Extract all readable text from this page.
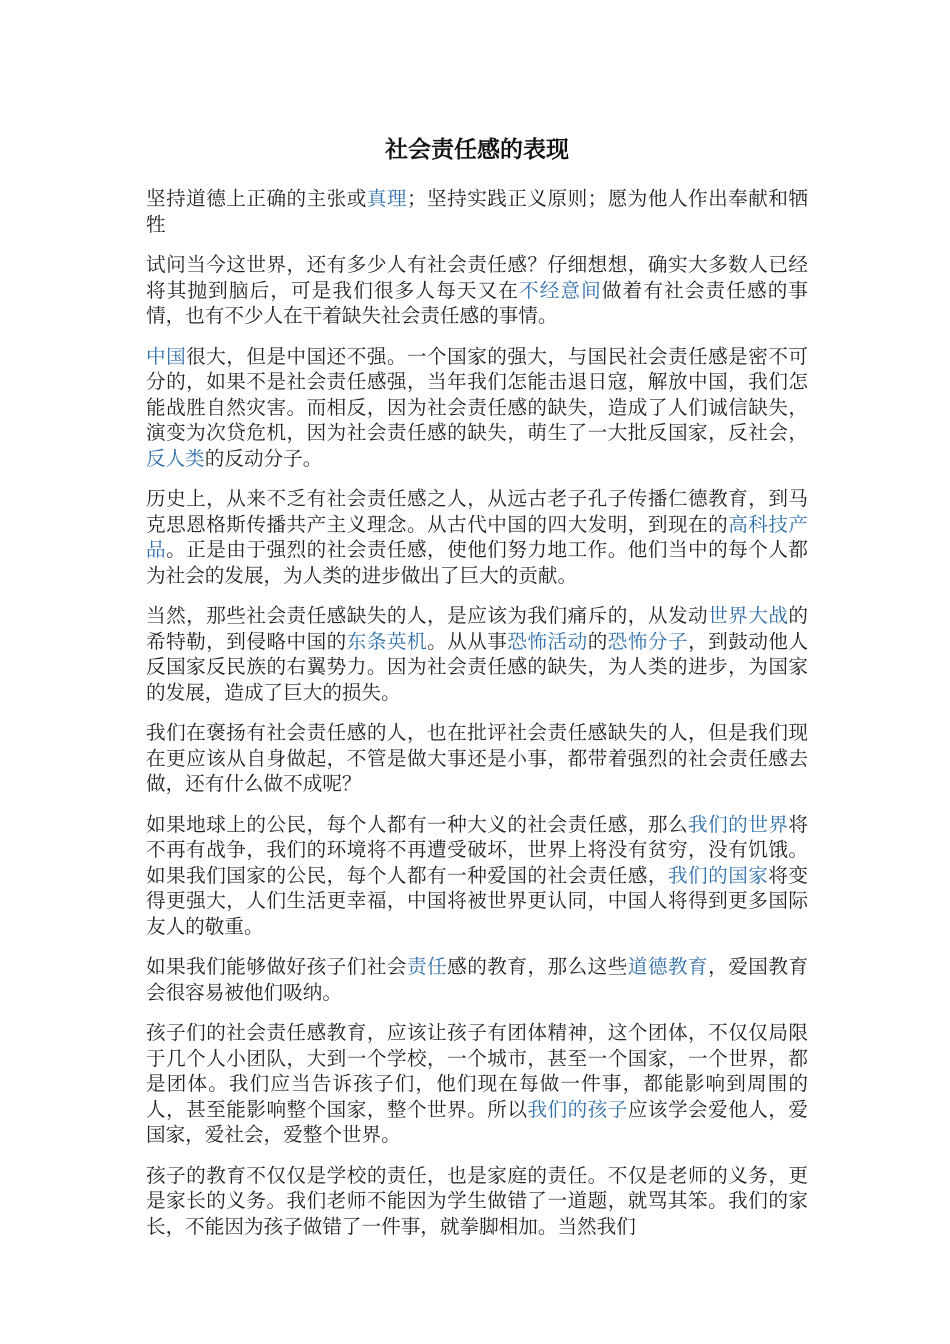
社会责任感的表现

坚持道德上正确的主张或真理；坚持实践正义原则；愿为他人作出奉献和牺牲

试问当今这世界，还有多少人有社会责任感？仔细想想，确实大多数人已经将其抛到脑后，可是我们很多人每天又在不经意间做着有社会责任感的事情，也有不少人在干着缺失社会责任感的事情。

中国很大，但是中国还不强。一个国家的强大，与国民社会责任感是密不可分的，如果不是社会责任感强，当年我们怎能击退日寇，解放中国，我们怎能战胜自然灾害。而相反，因为社会责任感的缺失，造成了人们诚信缺失，演变为次贷危机，因为社会责任感的缺失，萌生了一大批反国家，反社会，反人类的反动分子。

历史上，从来不乏有社会责任感之人，从远古老子孔子传播仁德教育，到马克思恩格斯传播共产主义理念。从古代中国的四大发明，到现在的高科技产品。正是由于强烈的社会责任感，使他们努力地工作。他们当中的每个人都为社会的发展，为人类的进步做出了巨大的贡献。

当然，那些社会责任感缺失的人，是应该为我们痛斥的，从发动世界大战的希特勒，到侵略中国的东条英机。从从事恐怖活动的恐怖分子，到鼓动他人反国家反民族的右翼势力。因为社会责任感的缺失，为人类的进步，为国家的发展，造成了巨大的损失。

我们在褒扬有社会责任感的人，也在批评社会责任感缺失的人，但是我们现在更应该从自身做起，不管是做大事还是小事，都带着强烈的社会责任感去做，还有什么做不成呢？

如果地球上的公民，每个人都有一种大义的社会责任感，那么我们的世界将不再有战争，我们的环境将不再遭受破坏，世界上将没有贫穷，没有饥饿。如果我们国家的公民，每个人都有一种爱国的社会责任感，我们的国家将变得更强大，人们生活更幸福，中国将被世界更认同，中国人将得到更多国际友人的敬重。

如果我们能够做好孩子们社会责任感的教育，那么这些道德教育，爱国教育会很容易被他们吸纳。

孩子们的社会责任感教育，应该让孩子有团体精神，这个团体，不仅仅局限于几个人小团队，大到一个学校，一个城市，甚至一个国家，一个世界，都是团体。我们应当告诉孩子们，他们现在每做一件事，都能影响到周围的人，甚至能影响整个国家，整个世界。所以我们的孩子应该学会爱他人，爱国家，爱社会，爱整个世界。

孩子的教育不仅仅是学校的责任，也是家庭的责任。不仅是老师的义务，更是家长的义务。我们老师不能因为学生做错了一道题，就骂其笨。我们的家长，不能因为孩子做错了一件事，就拳脚相加。当然我们
